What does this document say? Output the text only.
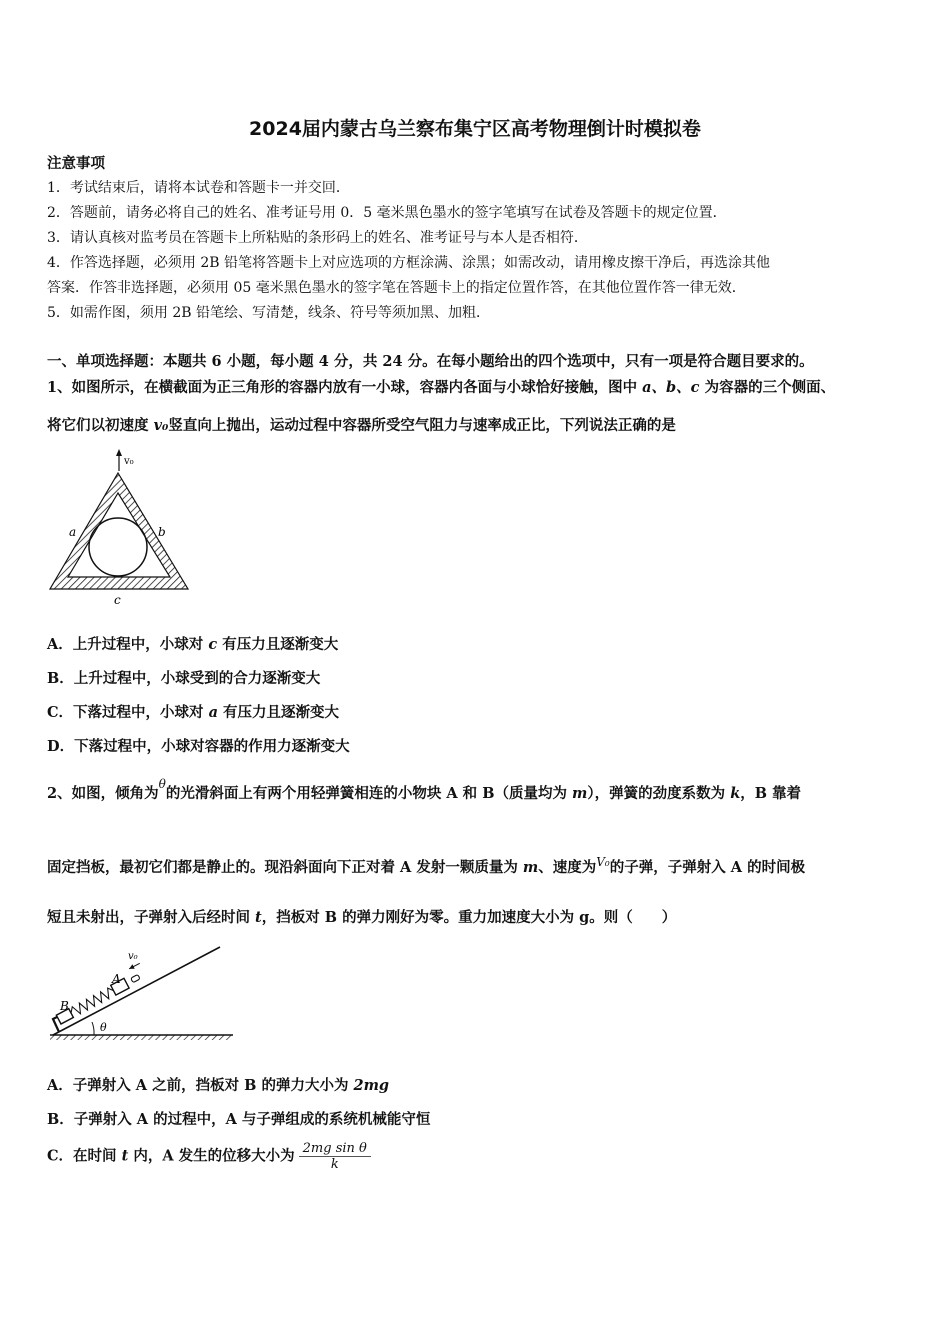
2024届内蒙古乌兰察布集宁区高考物理倒计时模拟卷
注意事项
1．考试结束后，请将本试卷和答题卡一并交回．
2．答题前，请务必将自己的姓名、准考证号用 0．5 毫米黑色墨水的签字笔填写在试卷及答题卡的规定位置．
3．请认真核对监考员在答题卡上所粘贴的条形码上的姓名、准考证号与本人是否相符．
4．作答选择题，必须用 2B 铅笔将答题卡上对应选项的方框涂满、涂黑；如需改动，请用橡皮擦干净后，再选涂其他
答案．作答非选择题，必须用 05 毫米黑色墨水的签字笔在答题卡上的指定位置作答，在其他位置作答一律无效．
5．如需作图，须用 2B 铅笔绘、写清楚，线条、符号等须加黑、加粗．
一、单项选择题：本题共 6 小题，每小题 4 分，共 24 分。在每小题给出的四个选项中，只有一项是符合题目要求的。
1、如图所示，在横截面为正三角形的容器内放有一小球，容器内各面与小球恰好接触，图中 a、b、c 为容器的三个侧面、
将它们以初速度 v₀竖直向上抛出，运动过程中容器所受空气阻力与速率成正比，下列说法正确的是
v₀
a	b
c
A．上升过程中，小球对 c 有压力且逐渐变大
B．上升过程中，小球受到的合力逐渐变大
C．下落过程中，小球对 a 有压力且逐渐变大
D．下落过程中，小球对容器的作用力逐渐变大
2、如图，倾角为$^\theta$的光滑斜面上有两个用轻弹簧相连的小物块 A 和 B（质量均为 m），弹簧的劲度系数为 k，B 靠着
固定挡板，最初它们都是静止的。现沿斜面向下正对着 A 发射一颗质量为 m、速度为$^{V_0}$的子弹，子弹射入 A 的时间极
短且未射出，子弹射入后经时间 t，挡板对 B 的弹力刚好为零。重力加速度大小为 g。则（　　）
θ
B
A
v₀
A．子弹射入 A 之前，挡板对 B 的弹力大小为 2mg
B．子弹射入 A 的过程中，A 与子弹组成的系统机械能守恒
C．在时间 t 内，A 发生的位移大小为 $\frac{\text{2mg sin θ}}{k}$
